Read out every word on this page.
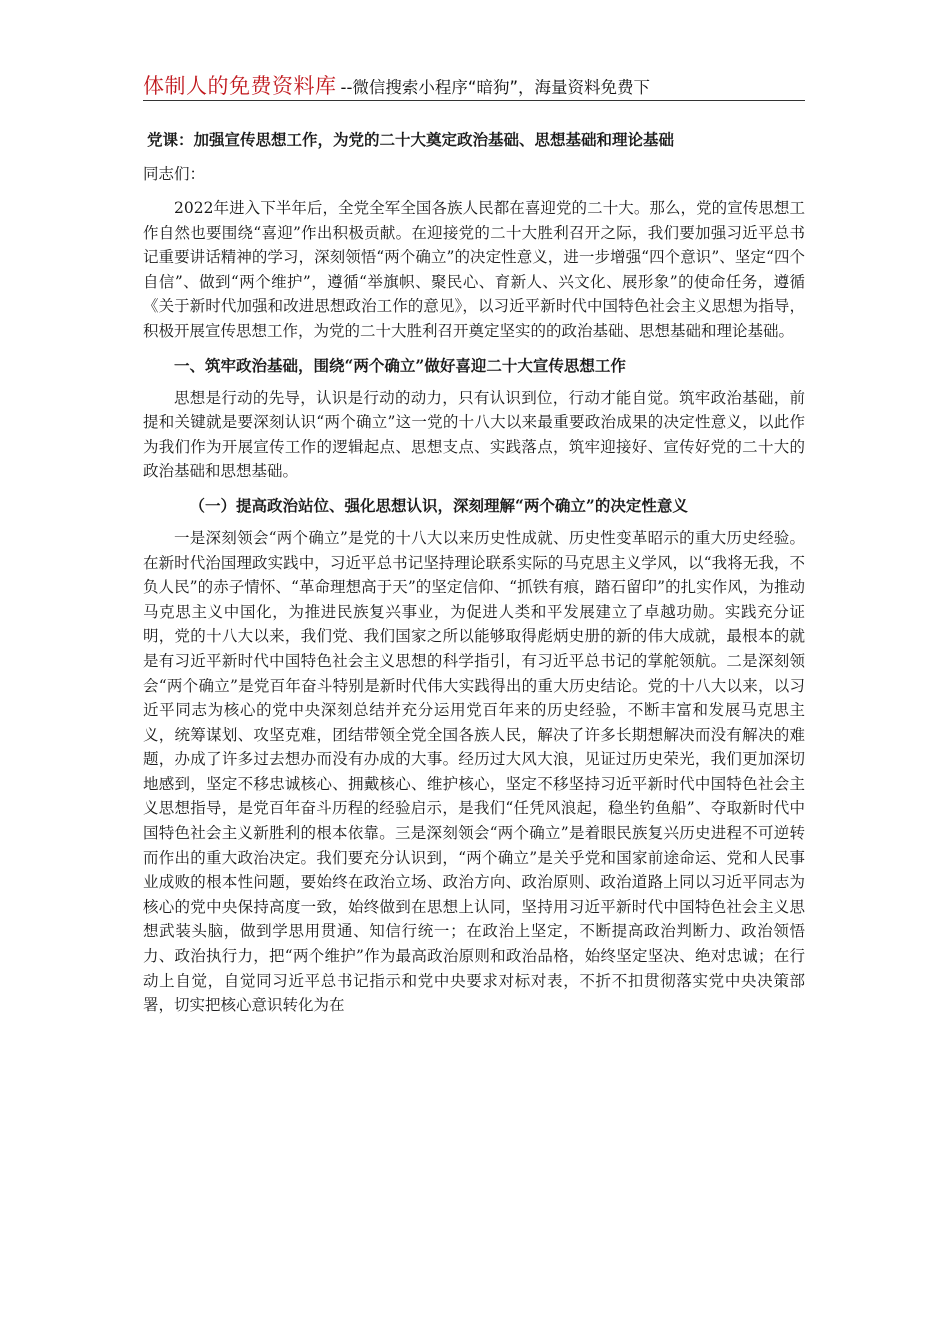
体制人的免费资料库 --微信搜索小程序“暗狗”，海量资料免费下
党课：加强宣传思想工作，为党的二十大奠定政治基础、思想基础和理论基础
同志们：

2022年进入下半年后，全党全军全国各族人民都在喜迎党的二十大。那么，党的宣传思想工作自然也要围绕“喜迎”作出积极贡献。在迎接党的二十大胜利召开之际，我们要加强习近平总书记重要讲话精神的学习，深刻领悟“两个确立”的决定性意义，进一步增强“四个意识”、坚定“四个自信”、做到“两个维护”，遵循“举旗帜、聚民心、育新人、兴文化、展形象”的使命任务，遵循《关于新时代加强和改进思想政治工作的意见》，以习近平新时代中国特色社会主义思想为指导，积极开展宣传思想工作，为党的二十大胜利召开奠定坚实的的政治基础、思想基础和理论基础。

一、筑牢政治基础，围绕“两个确立”做好喜迎二十大宣传思想工作

思想是行动的先导，认识是行动的动力，只有认识到位，行动才能自觉。筑牢政治基础，前提和关键就是要深刻认识“两个确立”这一党的十八大以来最重要政治成果的决定性意义，以此作为我们作为开展宣传工作的逻辑起点、思想支点、实践落点，筑牢迎接好、宣传好党的二十大的政治基础和思想基础。

（一）提高政治站位、强化思想认识，深刻理解“两个确立”的决定性意义

一是深刻领会“两个确立”是党的十八大以来历史性成就、历史性变革昭示的重大历史经验。在新时代治国理政实践中，习近平总书记坚持理论联系实际的马克思主义学风，以“我将无我，不负人民”的赤子情怀、“革命理想高于天”的坚定信仰、“抓铁有痕，踏石留印”的扎实作风，为推动马克思主义中国化，为推进民族复兴事业，为促进人类和平发展建立了卓越功勋。实践充分证明，党的十八大以来，我们党、我们国家之所以能够取得彪炳史册的新的伟大成就，最根本的就是有习近平新时代中国特色社会主义思想的科学指引，有习近平总书记的掌舵领航。二是深刻领会“两个确立”是党百年奋斗特别是新时代伟大实践得出的重大历史结论。党的十八大以来，以习近平同志为核心的党中央深刻总结并充分运用党百年来的历史经验，不断丰富和发展马克思主义，统筹谋划、攻坚克难，团结带领全党全国各族人民，解决了许多长期想解决而没有解决的难题，办成了许多过去想办而没有办成的大事。经历过大风大浪，见证过历史荣光，我们更加深切地感到，坚定不移忠诚核心、拥戴核心、维护核心，坚定不移坚持习近平新时代中国特色社会主义思想指导，是党百年奋斗历程的经验启示，是我们“任凭风浪起，稳坐钓鱼船”、夺取新时代中国特色社会主义新胜利的根本依靠。三是深刻领会“两个确立”是着眼民族复兴历史进程不可逆转而作出的重大政治决定。我们要充分认识到，“两个确立”是关乎党和国家前途命运、党和人民事业成败的根本性问题，要始终在政治立场、政治方向、政治原则、政治道路上同以习近平同志为核心的党中央保持高度一致，始终做到在思想上认同，坚持用习近平新时代中国特色社会主义思想武装头脑，做到学思用贯通、知信行统一；在政治上坚定，不断提高政治判断力、政治领悟力、政治执行力，把“两个维护”作为最高政治原则和政治品格，始终坚定坚决、绝对忠诚；在行动上自觉，自觉同习近平总书记指示和党中央要求对标对表，不折不扣贯彻落实党中央决策部署，切实把核心意识转化为在
